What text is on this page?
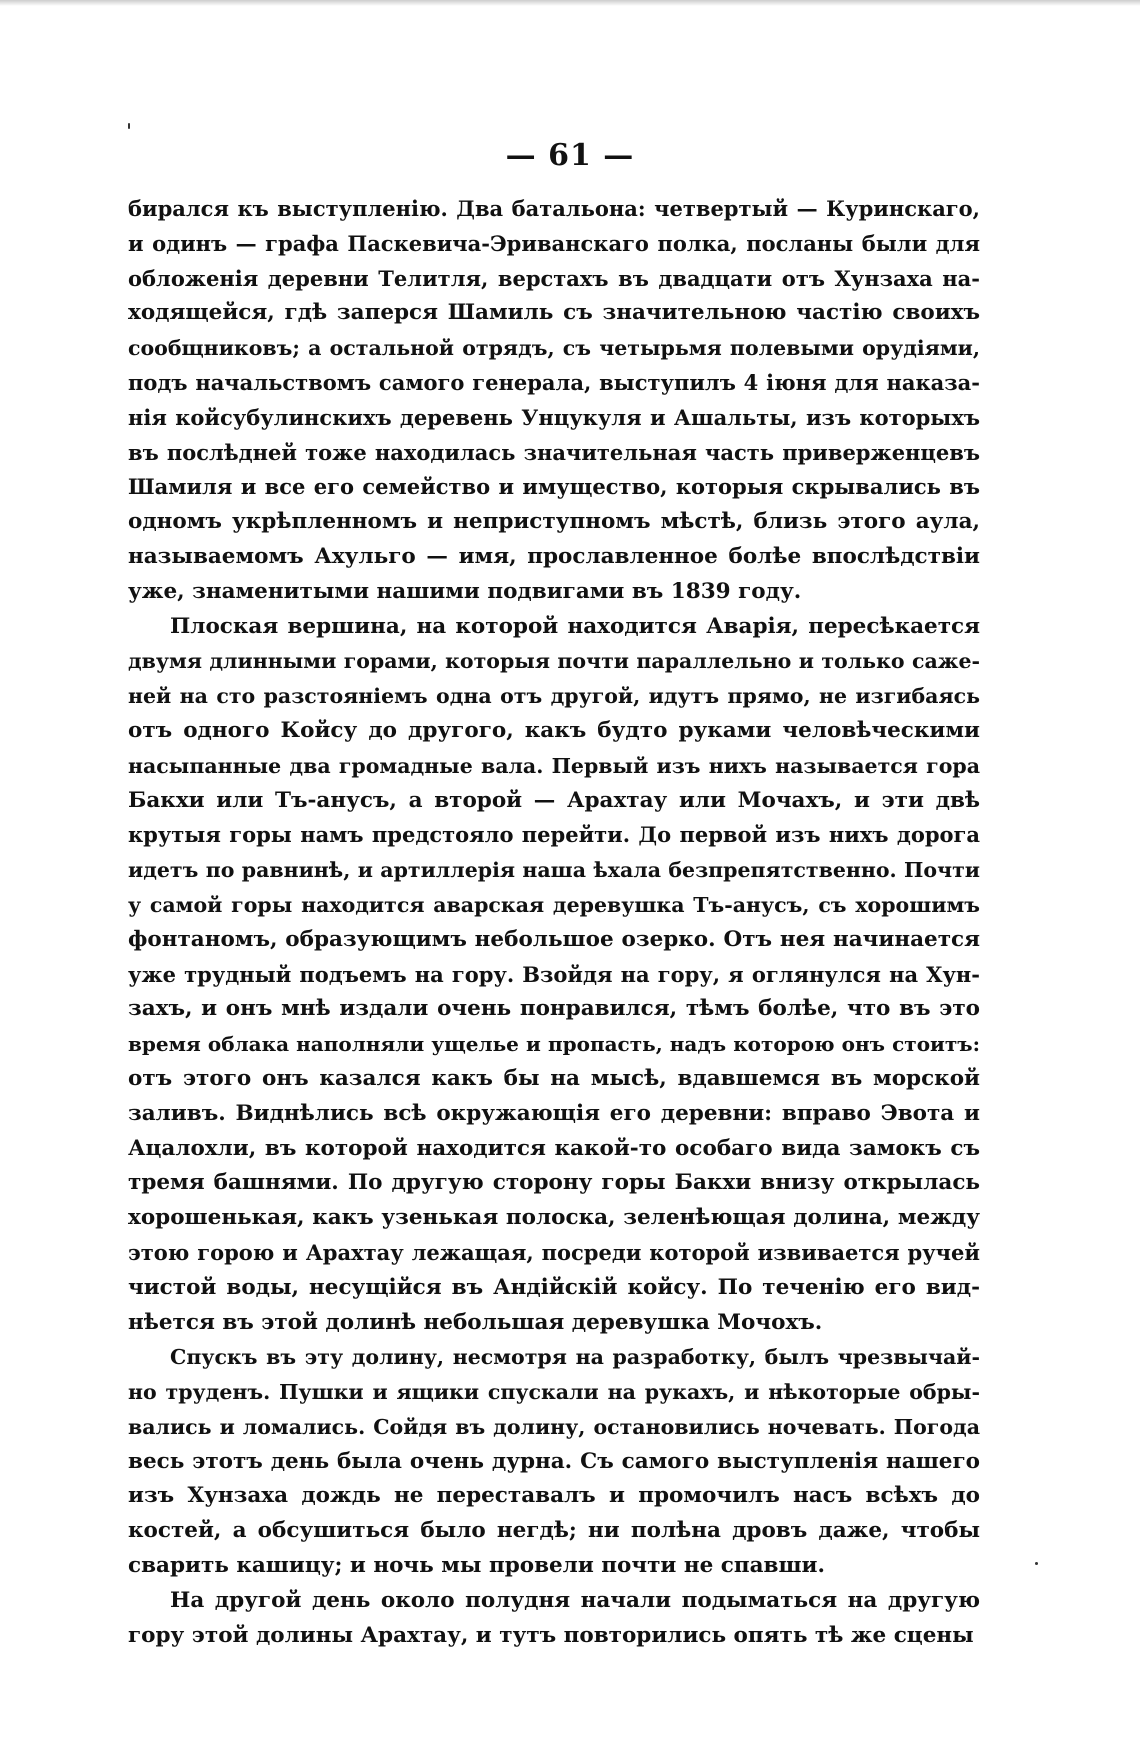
— 61 —
бирался къ выступленію. Два батальона: четвертый — Куринскаго,
и одинъ — графа Паскевича-Эриванскаго полка, посланы были для
обложенія деревни Телитля, верстахъ въ двадцати отъ Хунзаха на-
ходящейся, гдѣ заперся Шамиль съ значительною частію своихъ
сообщниковъ; а остальной отрядъ, съ четырьмя полевыми орудіями,
подъ начальствомъ самого генерала, выступилъ 4 іюня для наказа-
нія койсубулинскихъ деревень Унцукуля и Ашальты, изъ которыхъ
въ послѣдней тоже находилась значительная часть приверженцевъ
Шамиля и все его семейство и имущество, которыя скрывались въ
одномъ укрѣпленномъ и неприступномъ мѣстѣ, близь этого аула,
называемомъ Ахульго — имя, прославленное болѣе впослѣдствіи
уже, знаменитыми нашими подвигами въ 1839 году.
Плоская вершина, на которой находится Аварія, пересѣкается
двумя длинными горами, которыя почти параллельно и только саже-
ней на сто разстояніемъ одна отъ другой, идутъ прямо, не изгибаясь
отъ одного Койсу до другого, какъ будто руками человѣческими
насыпанные два громадные вала. Первый изъ нихъ называется гора
Бакхи или Тъ-анусъ, а второй — Арахтау или Мочахъ, и эти двѣ
крутыя горы намъ предстояло перейти. До первой изъ нихъ дорога
идетъ по равнинѣ, и артиллерія наша ѣхала безпрепятственно. Почти
у самой горы находится аварская деревушка Тъ-анусъ, съ хорошимъ
фонтаномъ, образующимъ небольшое озерко. Отъ нея начинается
уже трудный подъемъ на гору. Взойдя на гору, я оглянулся на Хун-
захъ, и онъ мнѣ издали очень понравился, тѣмъ болѣе, что въ это
время облака наполняли ущелье и пропасть, надъ которою онъ стоитъ:
отъ этого онъ казался какъ бы на мысѣ, вдавшемся въ морской
заливъ. Виднѣлись всѣ окружающія его деревни: вправо Эвота и
Ацалохли, въ которой находится какой-то особаго вида замокъ съ
тремя башнями. По другую сторону горы Бакхи внизу открылась
хорошенькая, какъ узенькая полоска, зеленѣющая долина, между
этою горою и Арахтау лежащая, посреди которой извивается ручей
чистой воды, несущійся въ Андійскій койсу. По теченію его вид-
нѣется въ этой долинѣ небольшая деревушка Мочохъ.
Спускъ въ эту долину, несмотря на разработку, былъ чрезвычай-
но труденъ. Пушки и ящики спускали на рукахъ, и нѣкоторые обры-
вались и ломались. Сойдя въ долину, остановились ночевать. Погода
весь этотъ день была очень дурна. Съ самого выступленія нашего
изъ Хунзаха дождь не переставалъ и промочилъ насъ всѣхъ до
костей, а обсушиться было негдѣ; ни полѣна дровъ даже, чтобы
сварить кашицу; и ночь мы провели почти не спавши.
На другой день около полудня начали подыматься на другую
гору этой долины Арахтау, и тутъ повторились опять тѣ же сцены
